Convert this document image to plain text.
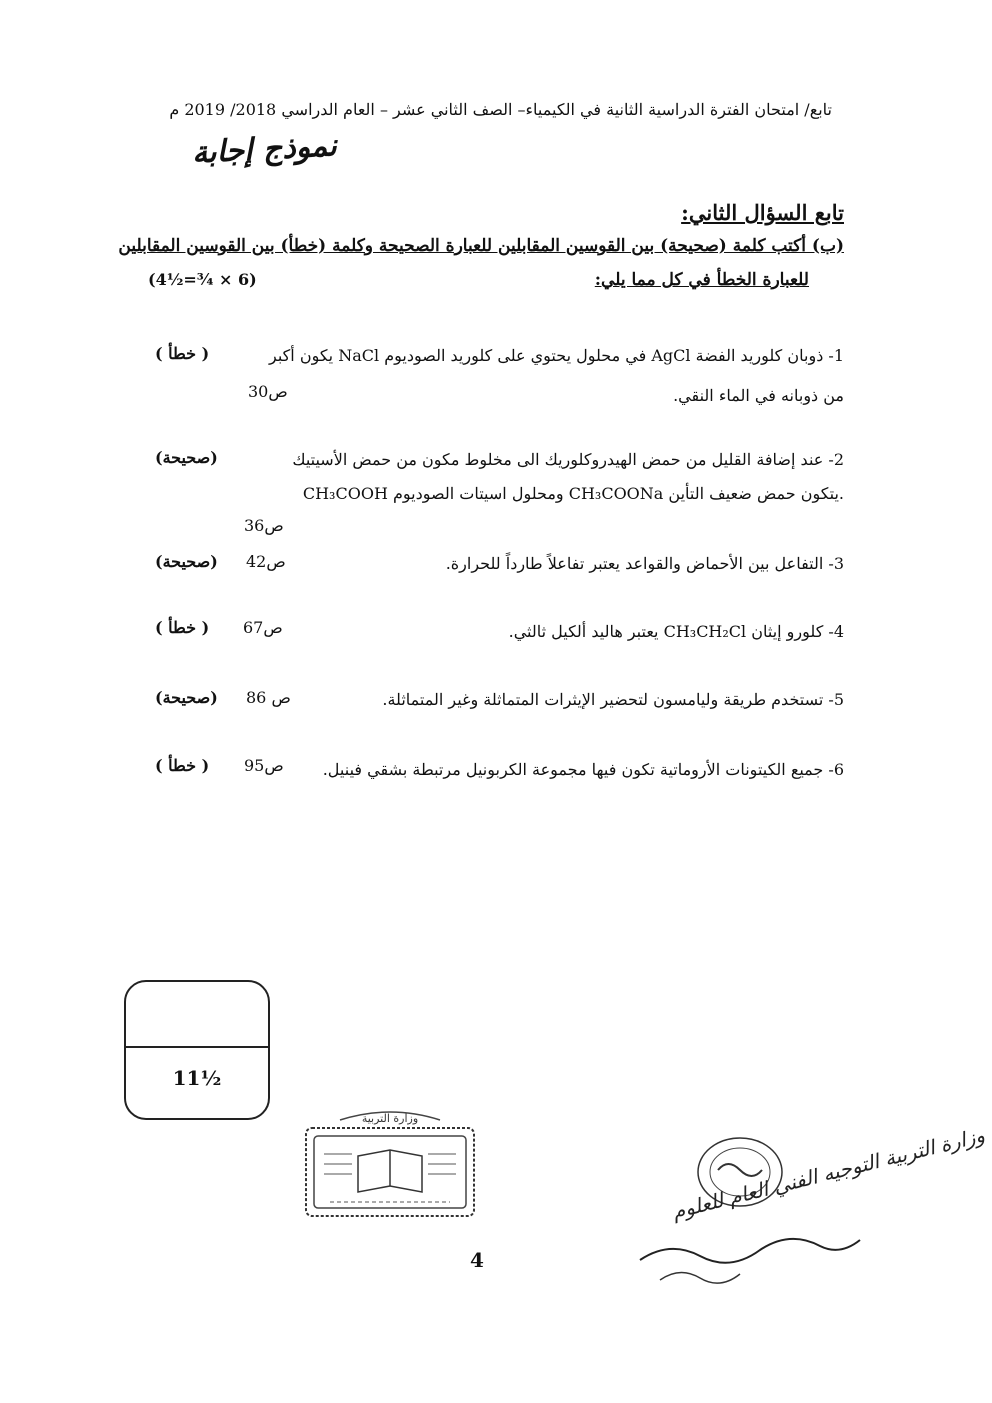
تابع/ امتحان الفترة الدراسية الثانية في الكيمياء– الصف الثاني عشر – العام الدراسي 2018/ 2019 م
نموذج إجابة
تابع السؤال الثاني:
(ب) أكتب كلمة (صحيحة) بين القوسين المقابلين للعبارة الصحيحة وكلمة (خطأ) بين القوسين المقابلين
للعبارة الخطأ في كل مما يلي:
(4½=¾ × 6)
1- ذوبان كلوريد الفضة AgCl في محلول يحتوي على كلوريد الصوديوم NaCl يكون أكبر
( خطأ )
ص30	من ذوبانه في الماء النقي.
2- عند إضافة القليل من حمض الهيدروكلوريك الى مخلوط مكون من حمض الأسيتيك
(صحيحة)
CH₃COOH ومحلول اسيتات الصوديوم CH₃COONa يتكون حمض ضعيف التأين.
ص36
3- التفاعل بين الأحماض والقواعد يعتبر تفاعلاً طارداً للحرارة.
ص42
(صحيحة)
4- كلورو إيثان CH₃CH₂Cl يعتبر هاليد ألكيل ثالثي.
ص67
( خطأ )
5- تستخدم طريقة وليامسون لتحضير الإيثرات المتماثلة وغير المتماثلة.
ص 86
(صحيحة)
6- جميع الكيتونات الأروماتية تكون فيها مجموعة الكربونيل مرتبطة بشقي فينيل.
ص95
( خطأ )
11½
وزارة التربية
وزارة التربية التوجيه الفني العام للعلوم
4
